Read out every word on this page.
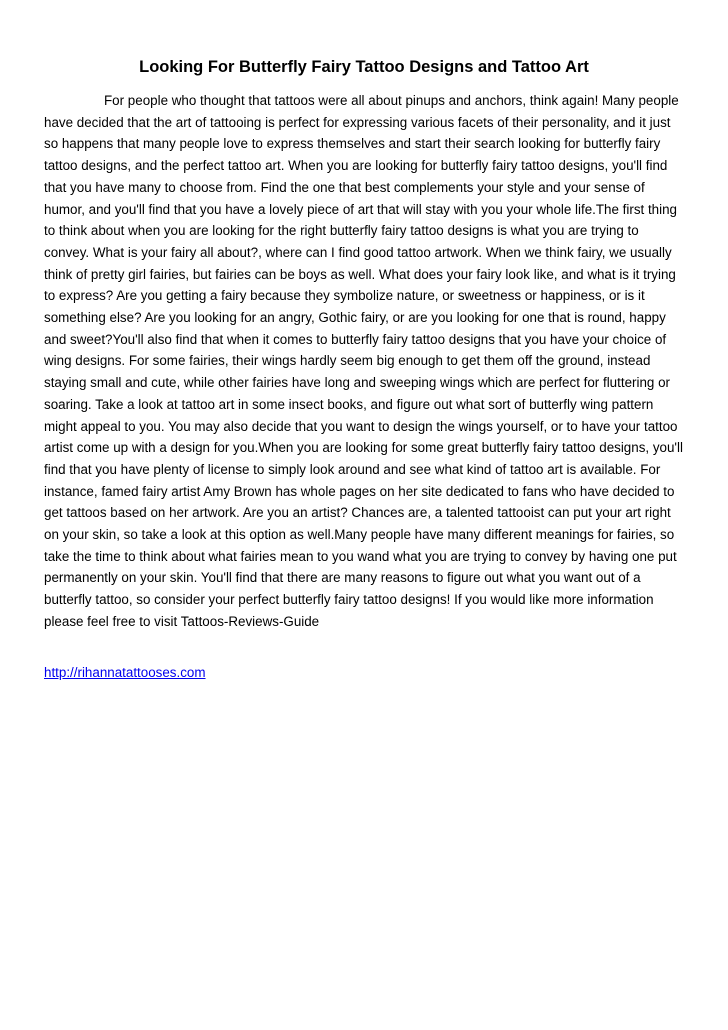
Looking For Butterfly Fairy Tattoo Designs and Tattoo Art

For people who thought that tattoos were all about pinups and anchors, think again! Many people have decided that the art of tattooing is perfect for expressing various facets of their personality, and it just so happens that many people love to express themselves and start their search looking for butterfly fairy tattoo designs, and the perfect tattoo art. When you are looking for butterfly fairy tattoo designs, you'll find that you have many to choose from. Find the one that best complements your style and your sense of humor, and you'll find that you have a lovely piece of art that will stay with you your whole life.The first thing to think about when you are looking for the right butterfly fairy tattoo designs is what you are trying to convey. What is your fairy all about?, where can I find good tattoo artwork. When we think fairy, we usually think of pretty girl fairies, but fairies can be boys as well. What does your fairy look like, and what is it trying to express? Are you getting a fairy because they symbolize nature, or sweetness or happiness, or is it something else? Are you looking for an angry, Gothic fairy, or are you looking for one that is round, happy and sweet?You'll also find that when it comes to butterfly fairy tattoo designs that you have your choice of wing designs. For some fairies, their wings hardly seem big enough to get them off the ground, instead staying small and cute, while other fairies have long and sweeping wings which are perfect for fluttering or soaring. Take a look at tattoo art in some insect books, and figure out what sort of butterfly wing pattern might appeal to you. You may also decide that you want to design the wings yourself, or to have your tattoo artist come up with a design for you.When you are looking for some great butterfly fairy tattoo designs, you'll find that you have plenty of license to simply look around and see what kind of tattoo art is available. For instance, famed fairy artist Amy Brown has whole pages on her site dedicated to fans who have decided to get tattoos based on her artwork. Are you an artist? Chances are, a talented tattooist can put your art right on your skin, so take a look at this option as well.Many people have many different meanings for fairies, so take the time to think about what fairies mean to you wand what you are trying to convey by having one put permanently on your skin. You'll find that there are many reasons to figure out what you want out of a butterfly tattoo, so consider your perfect butterfly fairy tattoo designs! If you would like more information please feel free to visit Tattoos-Reviews-Guide

http://rihannatattooses.com
